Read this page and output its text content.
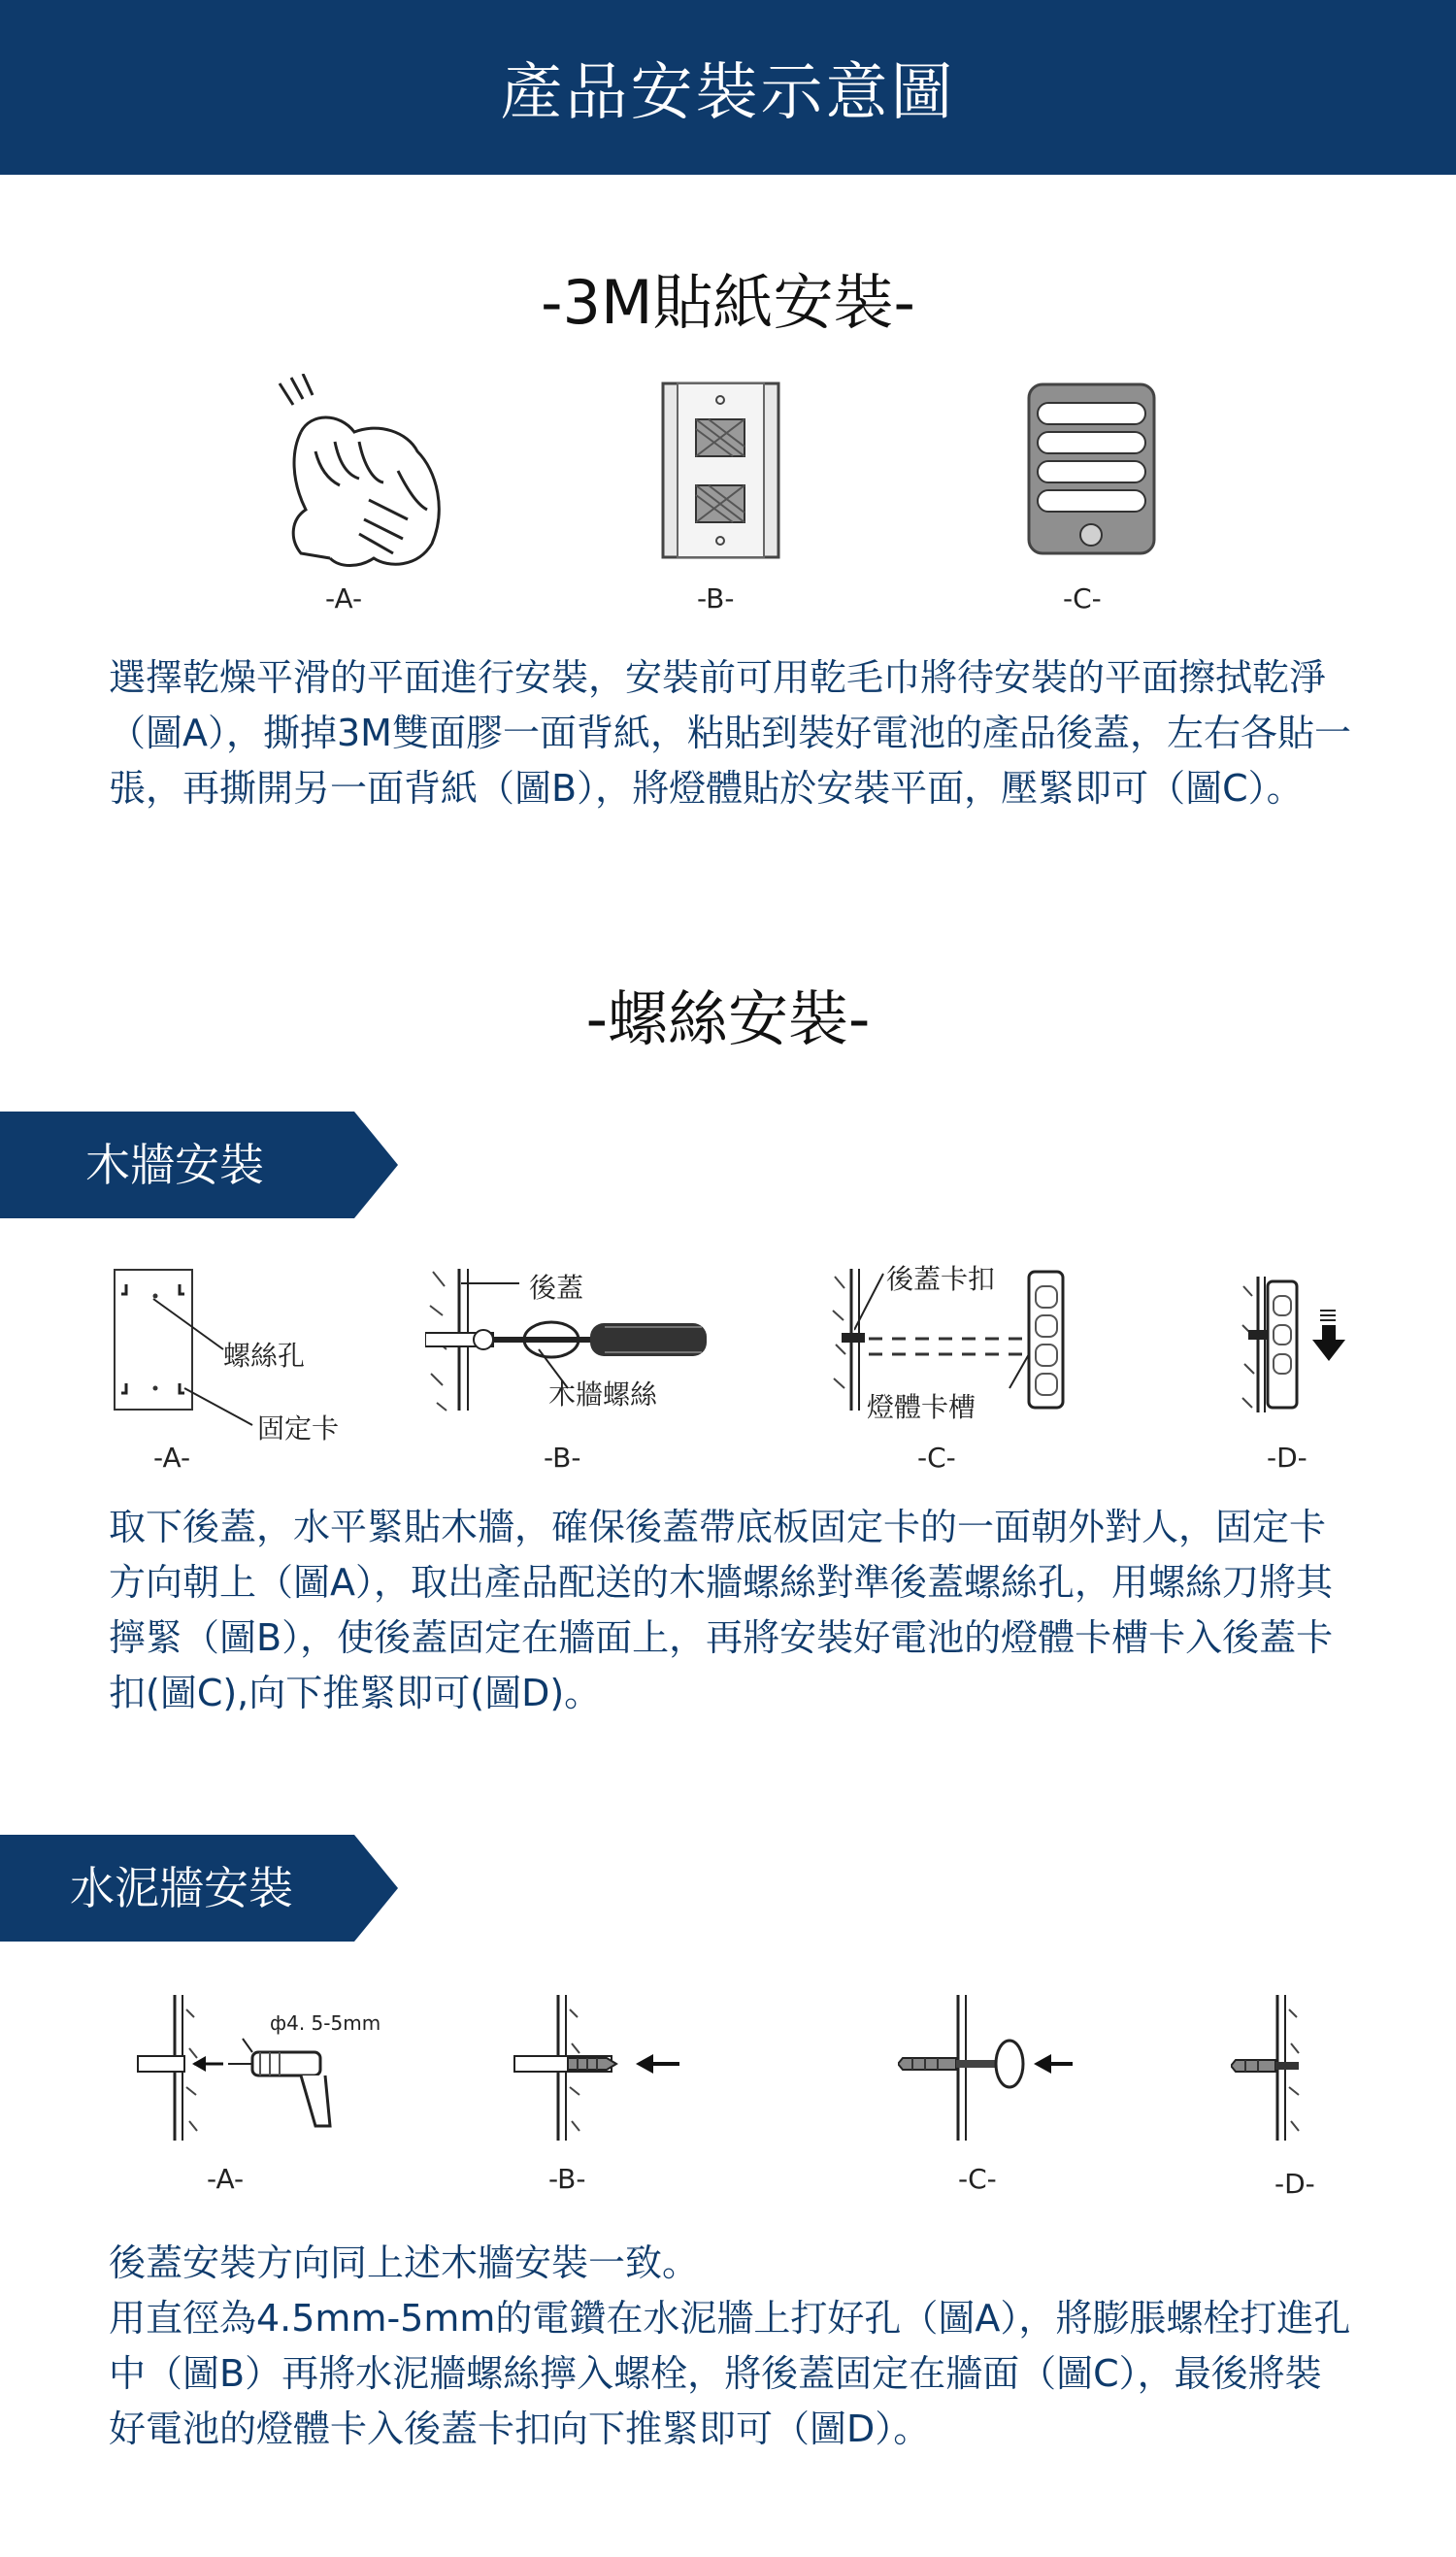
產品安裝示意圖
-3M貼紙安裝-
-A-	-B-	-C-

選擇乾燥平滑的平面進行安裝，安裝前可用乾毛巾將待安裝的平面擦拭乾淨（圖A），撕掉3M雙面膠一面背紙，粘貼到裝好電池的產品後蓋，左右各貼一張，再撕開另一面背紙（圖B），將燈體貼於安裝平面，壓緊即可（圖C）。

-螺絲安裝-
木牆安裝
螺絲孔
固定卡
-A-
後蓋
木牆螺絲
-B-
後蓋卡扣
燈體卡槽
-C-	-D-

取下後蓋，水平緊貼木牆，確保後蓋帶底板固定卡的一面朝外對人，固定卡方向朝上（圖A），取出產品配送的木牆螺絲對準後蓋螺絲孔，用螺絲刀將其擰緊（圖B），使後蓋固定在牆面上，再將安裝好電池的燈體卡槽卡入後蓋卡扣(圖C),向下推緊即可(圖D)。

水泥牆安裝
ф4. 5-5mm
-A-	-B-	-C-	-D-

後蓋安裝方向同上述木牆安裝一致。

用直徑為4.5mm-5mm的電鑽在水泥牆上打好孔（圖A），將膨脹螺栓打進孔中（圖B）再將水泥牆螺絲擰入螺栓，將後蓋固定在牆面（圖C），最後將裝好電池的燈體卡入後蓋卡扣向下推緊即可（圖D）。
